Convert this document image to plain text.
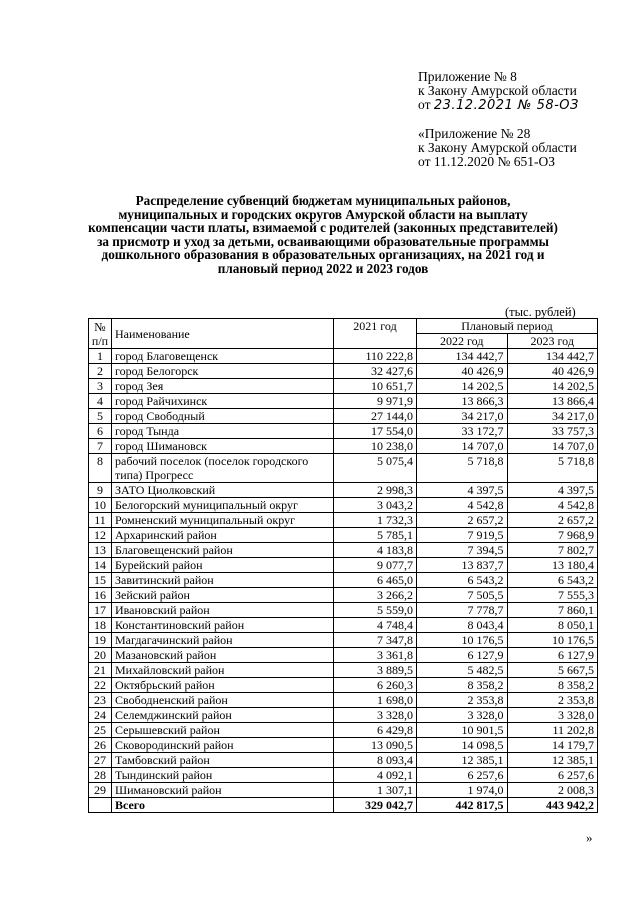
Приложение № 8
к Закону Амурской области
от 23.12.2021 № 58-ОЗ
«Приложение № 28
к Закону Амурской области
от 11.12.2020 № 651-ОЗ
Распределение субвенций бюджетам муниципальных районов, муниципальных и городских округов Амурской области на выплату компенсации части платы, взимаемой с родителей (законных представителей) за присмотр и уход за детьми, осваивающими образовательные программы дошкольного образования в образовательных организациях, на 2021 год и плановый период 2022 и 2023 годов
(тыс. рублей)
№ п/п	Наименование	2021 год	Плановый период	
			2022 год	2023 год
1	город Благовещенск	110 222,8	134 442,7	134 442,7
2	город Белогорск	32 427,6	40 426,9	40 426,9
3	город Зея	10 651,7	14 202,5	14 202,5
4	город Райчихинск	9 971,9	13 866,3	13 866,4
5	город Свободный	27 144,0	34 217,0	34 217,0
6	город Тында	17 554,0	33 172,7	33 757,3
7	город Шимановск	10 238,0	14 707,0	14 707,0
8	рабочий поселок (поселок городского типа) Прогресс	5 075,4	5 718,8	5 718,8
9	ЗАТО Циолковский	2 998,3	4 397,5	4 397,5
10	Белогорский муниципальный округ	3 043,2	4 542,8	4 542,8
11	Ромненский муниципальный округ	1 732,3	2 657,2	2 657,2
12	Архаринский район	5 785,1	7 919,5	7 968,9
13	Благовещенский район	4 183,8	7 394,5	7 802,7
14	Бурейский район	9 077,7	13 837,7	13 180,4
15	Завитинский район	6 465,0	6 543,2	6 543,2
16	Зейский район	3 266,2	7 505,5	7 555,3
17	Ивановский район	5 559,0	7 778,7	7 860,1
18	Константиновский район	4 748,4	8 043,4	8 050,1
19	Магдагачинский район	7 347,8	10 176,5	10 176,5
20	Мазановский район	3 361,8	6 127,9	6 127,9
21	Михайловский район	3 889,5	5 482,5	5 667,5
22	Октябрьский район	6 260,3	8 358,2	8 358,2
23	Свободненский район	1 698,0	2 353,8	2 353,8
24	Селемджинский район	3 328,0	3 328,0	3 328,0
25	Серышевский район	6 429,8	10 901,5	11 202,8
26	Сковородинский район	13 090,5	14 098,5	14 179,7
27	Тамбовский район	8 093,4	12 385,1	12 385,1
28	Тындинский район	4 092,1	6 257,6	6 257,6
29	Шимановский район	1 307,1	1 974,0	2 008,3
	Всего	329 042,7	442 817,5	443 942,2
»
